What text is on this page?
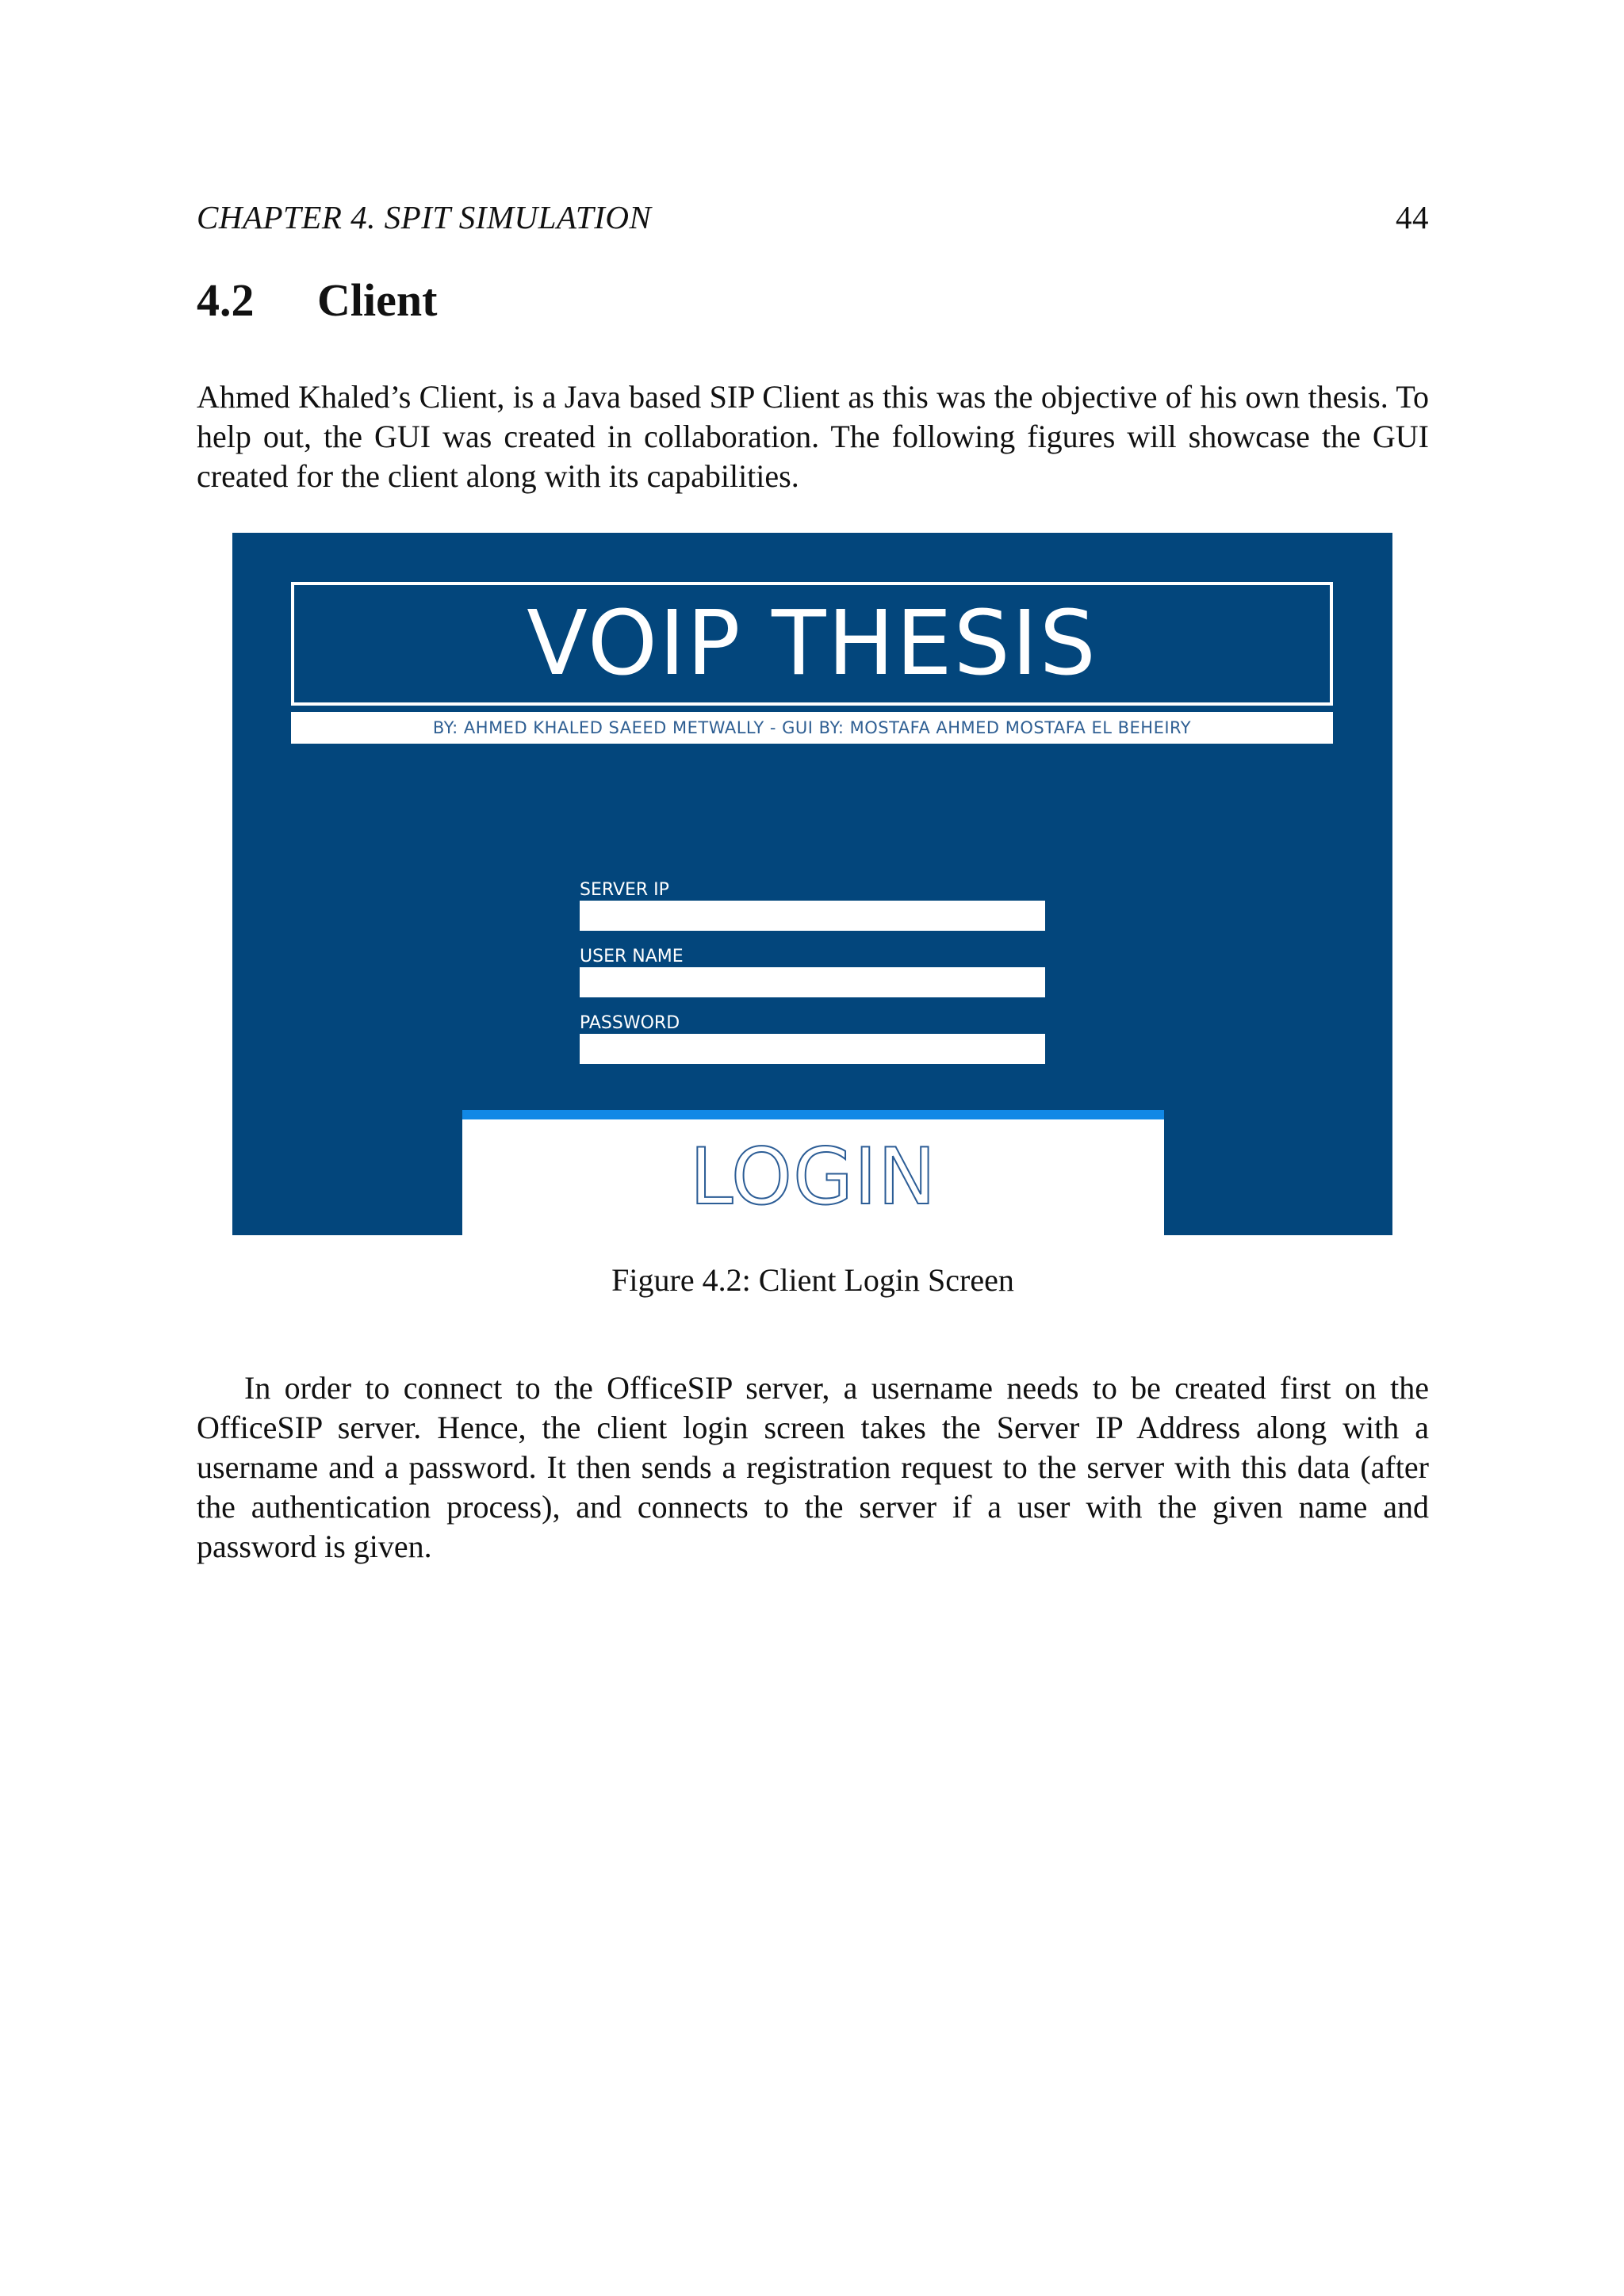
CHAPTER 4. SPIT SIMULATION	44
4.2 Client

Ahmed Khaled’s Client, is a Java based SIP Client as this was the objective of his own thesis. To help out, the GUI was created in collaboration. The following figures will showcase the GUI created for the client along with its capabilities.

VOIP THESIS
BY: AHMED KHALED SAEED METWALLY - GUI BY: MOSTAFA AHMED MOSTAFA EL BEHEIRY
SERVER IP
USER NAME
PASSWORD
LOGIN
Figure 4.2: Client Login Screen

In order to connect to the OfficeSIP server, a username needs to be created first on the OfficeSIP server. Hence, the client login screen takes the Server IP Address along with a username and a password. It then sends a registration request to the server with this data (after the authentication process), and connects to the server if a user with the given name and password is given.
